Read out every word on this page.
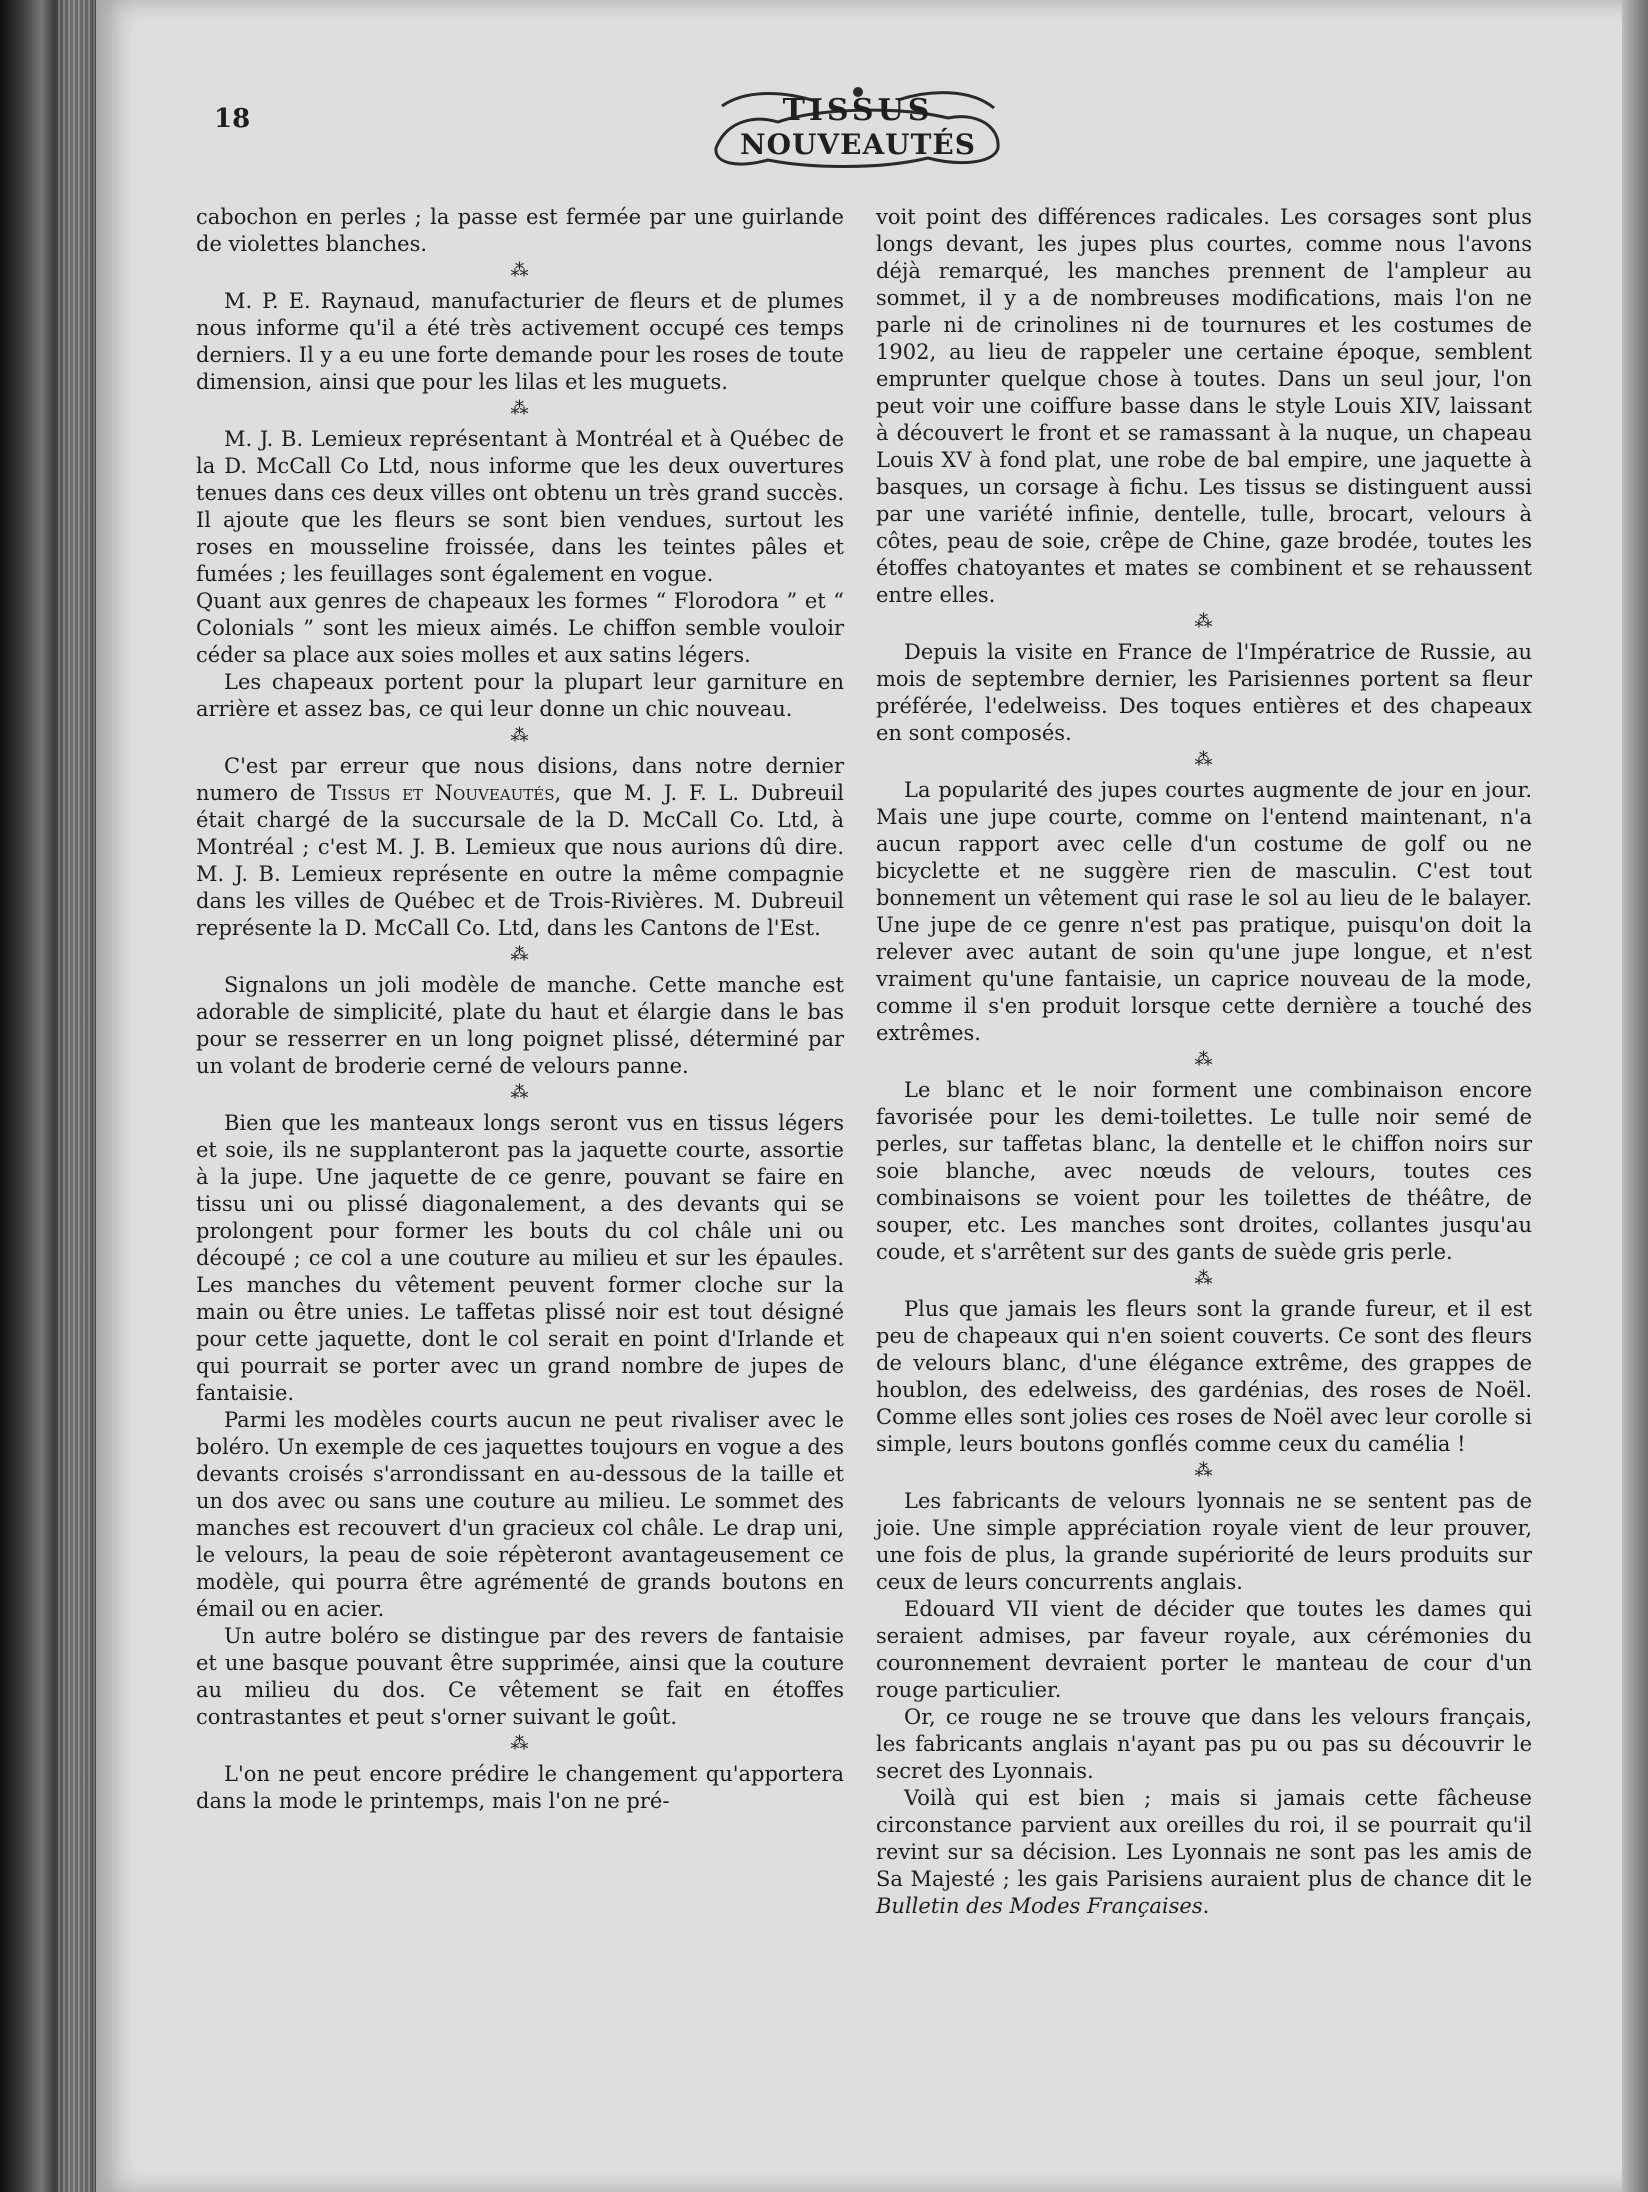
18	TISSUS
NOUVEAUTÉS

cabochon en perles ; la passe est fermée par une guirlande de violettes blanches.

⁂

M. P. E. Raynaud, manufacturier de fleurs et de plumes nous informe qu'il a été très activement occupé ces temps derniers. Il y a eu une forte demande pour les roses de toute dimension, ainsi que pour les lilas et les muguets.

⁂

M. J. B. Lemieux représentant à Montréal et à Québec de la D. McCall Co Ltd, nous informe que les deux ouvertures tenues dans ces deux villes ont obtenu un très grand succès. Il ajoute que les fleurs se sont bien vendues, surtout les roses en mousseline froissée, dans les teintes pâles et fumées ; les feuillages sont également en vogue.

Quant aux genres de chapeaux les formes “ Florodora ” et “ Colonials ” sont les mieux aimés. Le chiffon semble vouloir céder sa place aux soies molles et aux satins légers.

Les chapeaux portent pour la plupart leur garniture en arrière et assez bas, ce qui leur donne un chic nouveau.

⁂

C'est par erreur que nous disions, dans notre dernier numero de Tissus et Nouveautés, que M. J. F. L. Dubreuil était chargé de la succursale de la D. McCall Co. Ltd, à Montréal ; c'est M. J. B. Lemieux que nous aurions dû dire. M. J. B. Lemieux représente en outre la même compagnie dans les villes de Québec et de Trois-Rivières. M. Dubreuil représente la D. McCall Co. Ltd, dans les Cantons de l'Est.

⁂

Signalons un joli modèle de manche. Cette manche est adorable de simplicité, plate du haut et élargie dans le bas pour se resserrer en un long poignet plissé, déterminé par un volant de broderie cerné de velours panne.

⁂

Bien que les manteaux longs seront vus en tissus légers et soie, ils ne supplanteront pas la jaquette courte, assortie à la jupe. Une jaquette de ce genre, pouvant se faire en tissu uni ou plissé diagonalement, a des devants qui se prolongent pour former les bouts du col châle uni ou découpé ; ce col a une couture au milieu et sur les épaules. Les manches du vêtement peuvent former cloche sur la main ou être unies. Le taffetas plissé noir est tout désigné pour cette jaquette, dont le col serait en point d'Irlande et qui pourrait se porter avec un grand nombre de jupes de fantaisie.

Parmi les modèles courts aucun ne peut rivaliser avec le boléro. Un exemple de ces jaquettes toujours en vogue a des devants croisés s'arrondissant en au-dessous de la taille et un dos avec ou sans une couture au milieu. Le sommet des manches est recouvert d'un gracieux col châle. Le drap uni, le velours, la peau de soie répèteront avantageusement ce modèle, qui pourra être agrémenté de grands boutons en émail ou en acier.

Un autre boléro se distingue par des revers de fantaisie et une basque pouvant être supprimée, ainsi que la couture au milieu du dos. Ce vêtement se fait en étoffes contrastantes et peut s'orner suivant le goût.

⁂

L'on ne peut encore prédire le changement qu'apportera dans la mode le printemps, mais l'on ne pré-

voit point des différences radicales. Les corsages sont plus longs devant, les jupes plus courtes, comme nous l'avons déjà remarqué, les manches prennent de l'ampleur au sommet, il y a de nombreuses modifications, mais l'on ne parle ni de crinolines ni de tournures et les costumes de 1902, au lieu de rappeler une certaine époque, semblent emprunter quelque chose à toutes. Dans un seul jour, l'on peut voir une coiffure basse dans le style Louis XIV, laissant à découvert le front et se ramassant à la nuque, un chapeau Louis XV à fond plat, une robe de bal empire, une jaquette à basques, un corsage à fichu. Les tissus se distinguent aussi par une variété infinie, dentelle, tulle, brocart, velours à côtes, peau de soie, crêpe de Chine, gaze brodée, toutes les étoffes chatoyantes et mates se combinent et se rehaussent entre elles.

⁂

Depuis la visite en France de l'Impératrice de Russie, au mois de septembre dernier, les Parisiennes portent sa fleur préférée, l'edelweiss. Des toques entières et des chapeaux en sont composés.

⁂

La popularité des jupes courtes augmente de jour en jour. Mais une jupe courte, comme on l'entend maintenant, n'a aucun rapport avec celle d'un costume de golf ou ne bicyclette et ne suggère rien de masculin. C'est tout bonnement un vêtement qui rase le sol au lieu de le balayer. Une jupe de ce genre n'est pas pratique, puisqu'on doit la relever avec autant de soin qu'une jupe longue, et n'est vraiment qu'une fantaisie, un caprice nouveau de la mode, comme il s'en produit lorsque cette dernière a touché des extrêmes.

⁂

Le blanc et le noir forment une combinaison encore favorisée pour les demi-toilettes. Le tulle noir semé de perles, sur taffetas blanc, la dentelle et le chiffon noirs sur soie blanche, avec nœuds de velours, toutes ces combinaisons se voient pour les toilettes de théâtre, de souper, etc. Les manches sont droites, collantes jusqu'au coude, et s'arrêtent sur des gants de suède gris perle.

⁂

Plus que jamais les fleurs sont la grande fureur, et il est peu de chapeaux qui n'en soient couverts. Ce sont des fleurs de velours blanc, d'une élégance extrême, des grappes de houblon, des edelweiss, des gardénias, des roses de Noël. Comme elles sont jolies ces roses de Noël avec leur corolle si simple, leurs boutons gonflés comme ceux du camélia !

⁂

Les fabricants de velours lyonnais ne se sentent pas de joie. Une simple appréciation royale vient de leur prouver, une fois de plus, la grande supériorité de leurs produits sur ceux de leurs concurrents anglais.

Edouard VII vient de décider que toutes les dames qui seraient admises, par faveur royale, aux cérémonies du couronnement devraient porter le manteau de cour d'un rouge particulier.

Or, ce rouge ne se trouve que dans les velours français, les fabricants anglais n'ayant pas pu ou pas su découvrir le secret des Lyonnais.

Voilà qui est bien ; mais si jamais cette fâcheuse circonstance parvient aux oreilles du roi, il se pourrait qu'il revint sur sa décision. Les Lyonnais ne sont pas les amis de Sa Majesté ; les gais Parisiens auraient plus de chance dit le Bulletin des Modes Françaises.
